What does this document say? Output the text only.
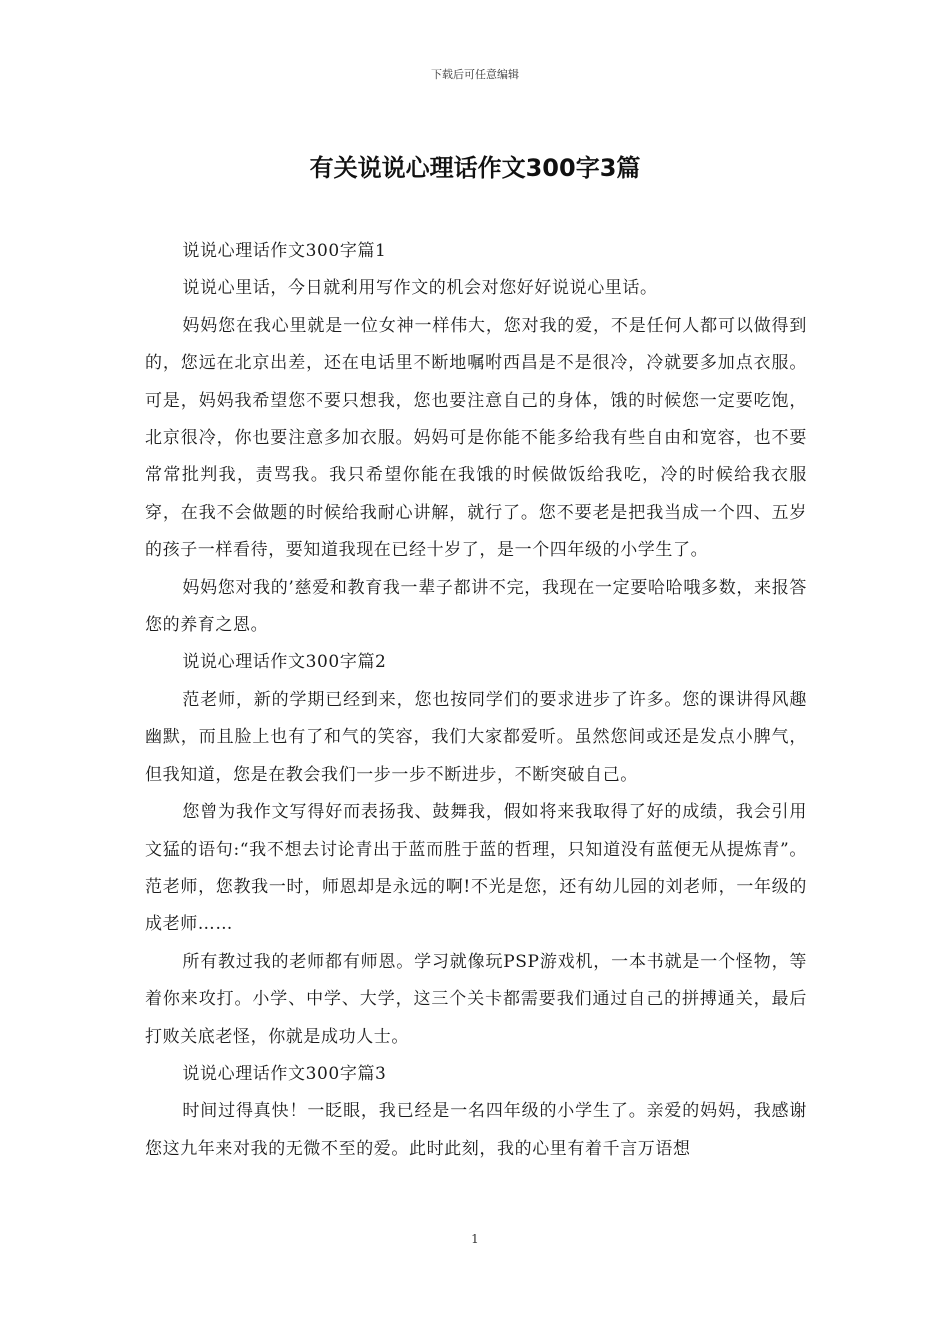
下载后可任意编辑
有关说说心理话作文300字3篇

说说心理话作文300字篇1

说说心里话，今日就利用写作文的机会对您好好说说心里话。

妈妈您在我心里就是一位女神一样伟大，您对我的爱，不是任何人都可以做得到的，您远在北京出差，还在电话里不断地嘱咐西昌是不是很冷，冷就要多加点衣服。可是，妈妈我希望您不要只想我，您也要注意自己的身体，饿的时候您一定要吃饱，北京很冷，你也要注意多加衣服。妈妈可是你能不能多给我有些自由和宽容，也不要常常批判我，责骂我。我只希望你能在我饿的时候做饭给我吃，冷的时候给我衣服穿，在我不会做题的时候给我耐心讲解，就行了。您不要老是把我当成一个四、五岁的孩子一样看待，要知道我现在已经十岁了，是一个四年级的小学生了。

妈妈您对我的’慈爱和教育我一辈子都讲不完，我现在一定要哈哈哦多数，来报答您的养育之恩。

说说心理话作文300字篇2

范老师，新的学期已经到来，您也按同学们的要求进步了许多。您的课讲得风趣幽默，而且脸上也有了和气的笑容，我们大家都爱听。虽然您间或还是发点小脾气，但我知道，您是在教会我们一步一步不断进步，不断突破自己。

您曾为我作文写得好而表扬我、鼓舞我，假如将来我取得了好的成绩，我会引用文猛的语句:“我不想去讨论青出于蓝而胜于蓝的哲理，只知道没有蓝便无从提炼青”。范老师，您教我一时，师恩却是永远的啊!不光是您，还有幼儿园的刘老师，一年级的成老师……

所有教过我的老师都有师恩。学习就像玩PSP游戏机，一本书就是一个怪物，等着你来攻打。小学、中学、大学，这三个关卡都需要我们通过自己的拼搏通关，最后打败关底老怪，你就是成功人士。

说说心理话作文300字篇3

时间过得真快！一眨眼，我已经是一名四年级的小学生了。亲爱的妈妈，我感谢您这九年来对我的无微不至的爱。此时此刻，我的心里有着千言万语想

1
